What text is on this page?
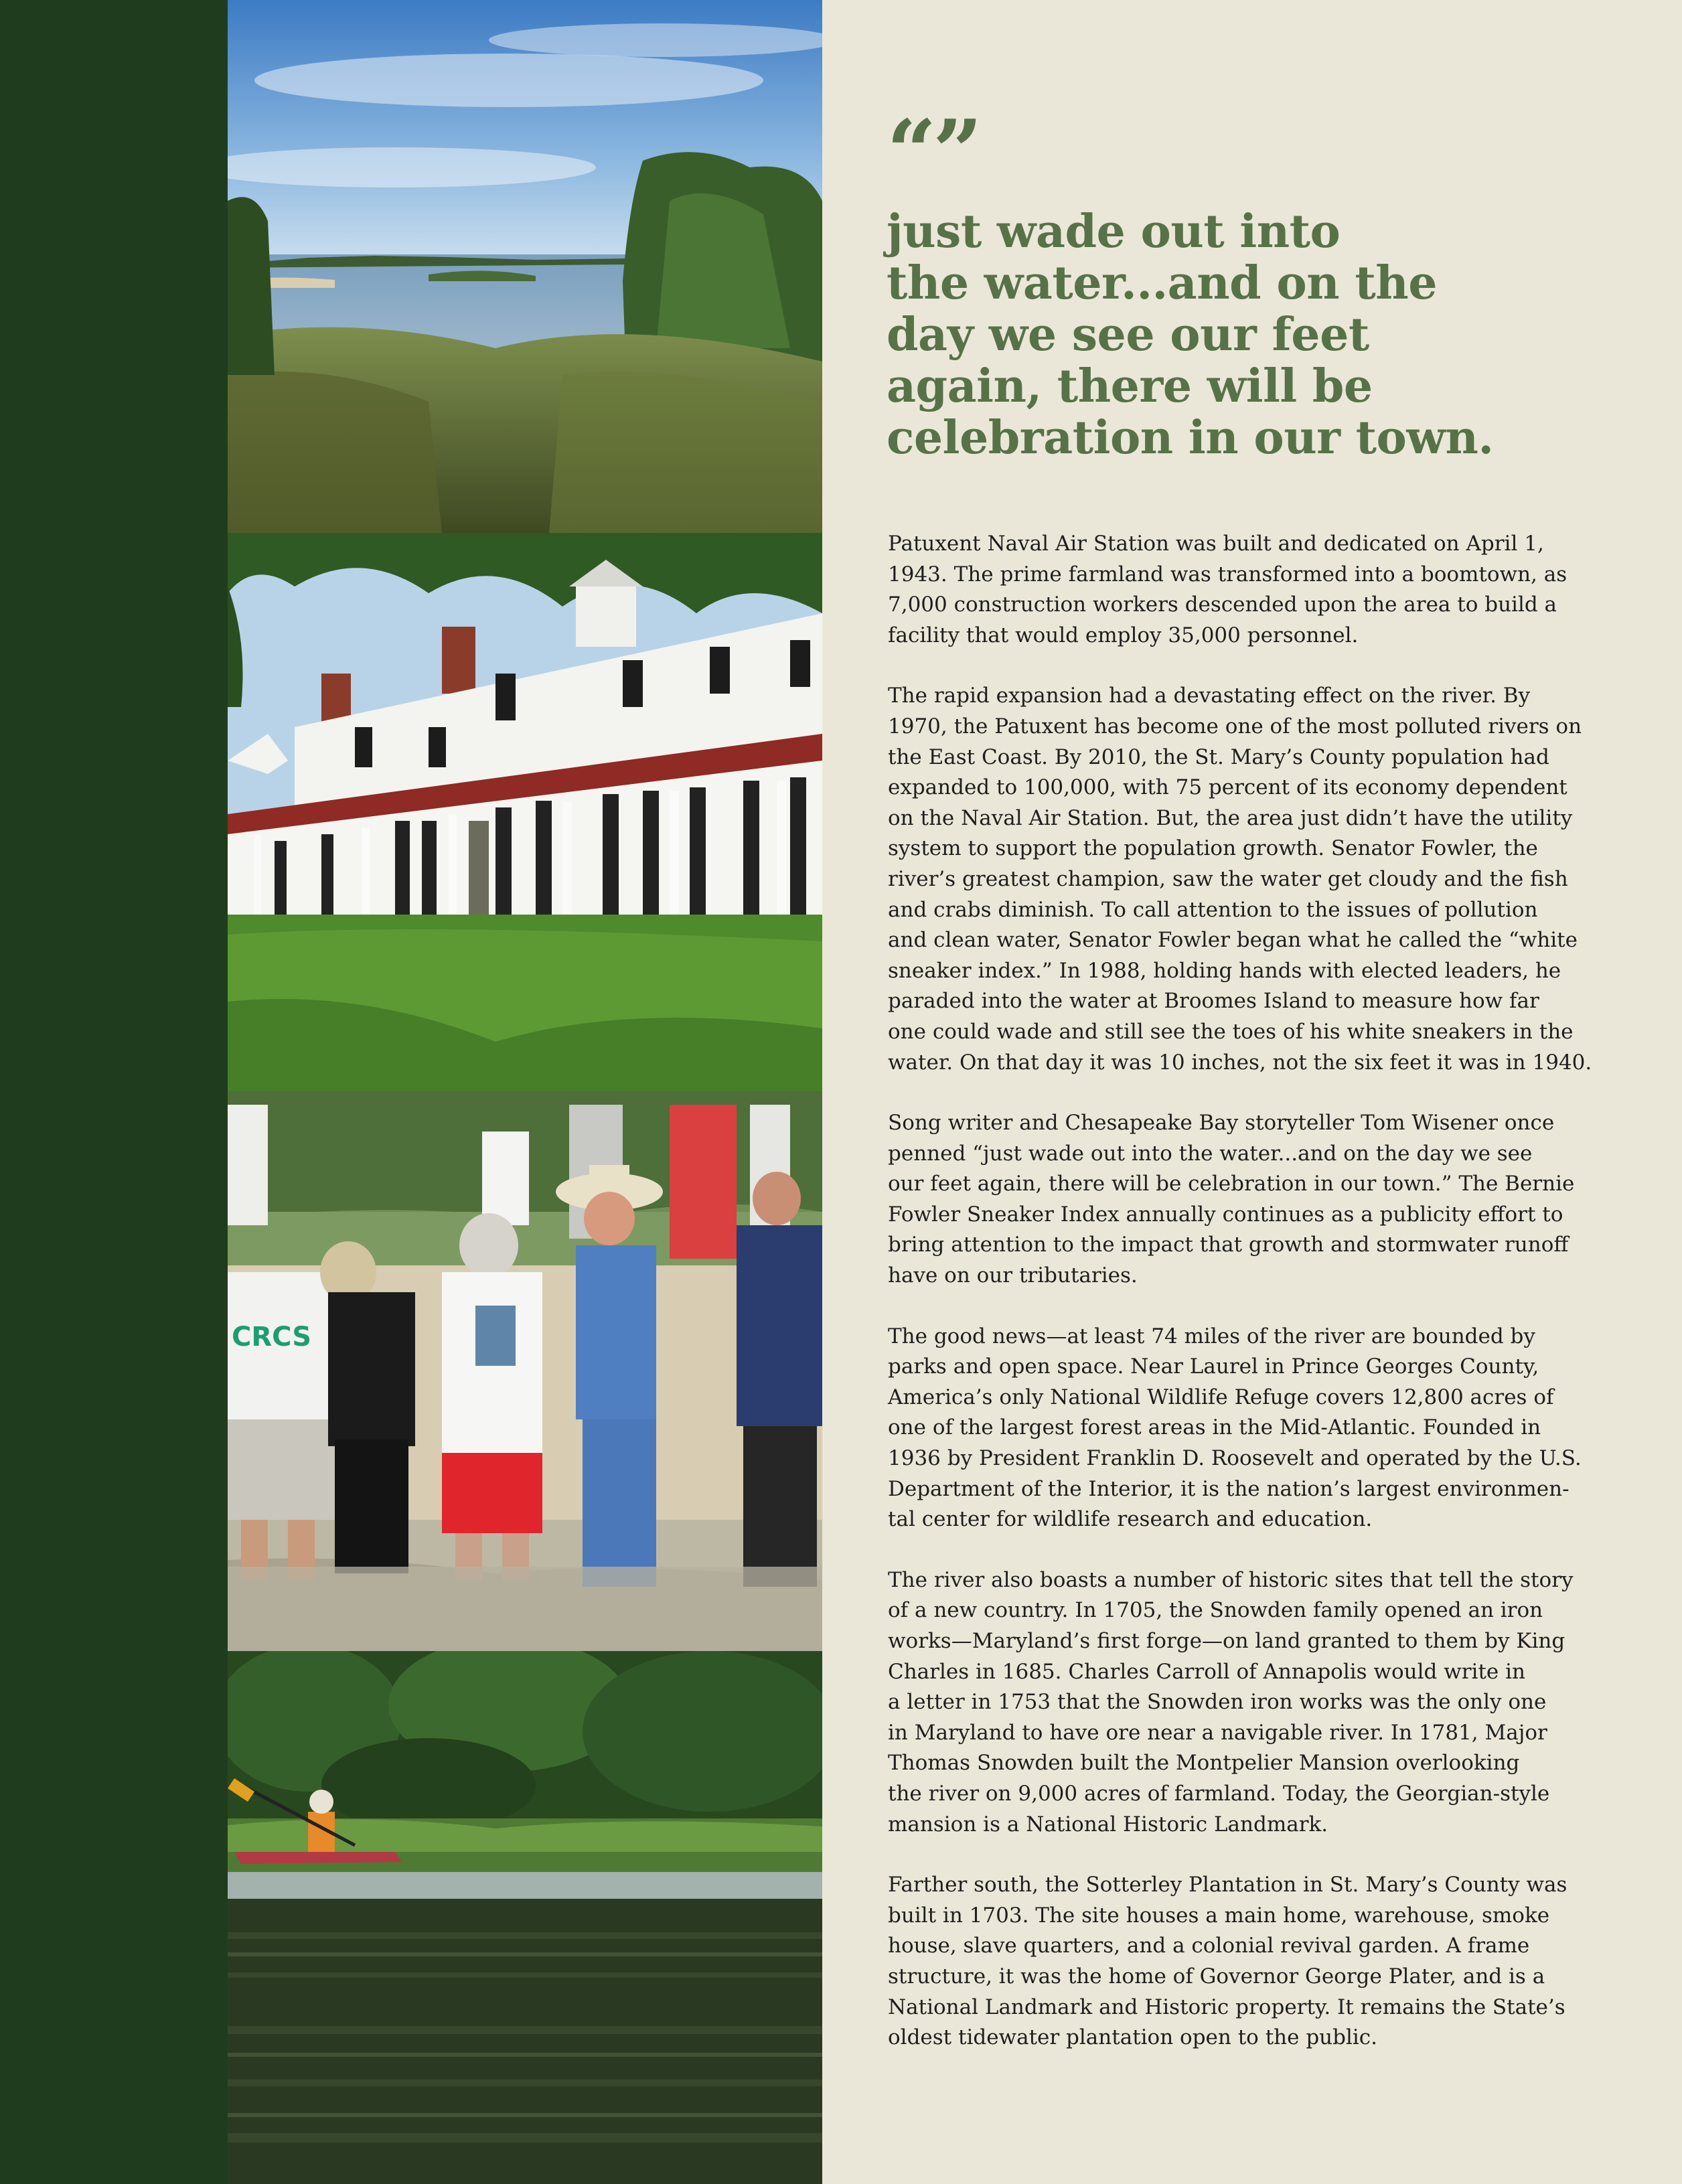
CRCS
“”
just wade out into
the water...and on the
day we see our feet
again, there will be
celebration in our town.
Patuxent Naval Air Station was built and dedicated on April 1,
1943. The prime farmland was transformed into a boomtown, as
7,000 construction workers descended upon the area to build a
facility that would employ 35,000 personnel.
The rapid expansion had a devastating effect on the river. By
1970, the Patuxent has become one of the most polluted rivers on
the East Coast. By 2010, the St. Mary’s County population had
expanded to 100,000, with 75 percent of its economy dependent
on the Naval Air Station. But, the area just didn’t have the utility
system to support the population growth. Senator Fowler, the
river’s greatest champion, saw the water get cloudy and the fish
and crabs diminish. To call attention to the issues of pollution
and clean water, Senator Fowler began what he called the “white
sneaker index.” In 1988, holding hands with elected leaders, he
paraded into the water at Broomes Island to measure how far
one could wade and still see the toes of his white sneakers in the
water. On that day it was 10 inches, not the six feet it was in 1940.
Song writer and Chesapeake Bay storyteller Tom Wisener once
penned “just wade out into the water...and on the day we see
our feet again, there will be celebration in our town.” The Bernie
Fowler Sneaker Index annually continues as a publicity effort to
bring attention to the impact that growth and stormwater runoff
have on our tributaries.
The good news—at least 74 miles of the river are bounded by
parks and open space. Near Laurel in Prince Georges County,
America’s only National Wildlife Refuge covers 12,800 acres of
one of the largest forest areas in the Mid-Atlantic. Founded in
1936 by President Franklin D. Roosevelt and operated by the U.S.
Department of the Interior, it is the nation’s largest environmen-
tal center for wildlife research and education.
The river also boasts a number of historic sites that tell the story
of a new country. In 1705, the Snowden family opened an iron
works—Maryland’s first forge—on land granted to them by King
Charles in 1685. Charles Carroll of Annapolis would write in
a letter in 1753 that the Snowden iron works was the only one
in Maryland to have ore near a navigable river. In 1781, Major
Thomas Snowden built the Montpelier Mansion overlooking
the river on 9,000 acres of farmland. Today, the Georgian-style
mansion is a National Historic Landmark.
Farther south, the Sotterley Plantation in St. Mary’s County was
built in 1703. The site houses a main home, warehouse, smoke
house, slave quarters, and a colonial revival garden. A frame
structure, it was the home of Governor George Plater, and is a
National Landmark and Historic property. It remains the State’s
oldest tidewater plantation open to the public.
